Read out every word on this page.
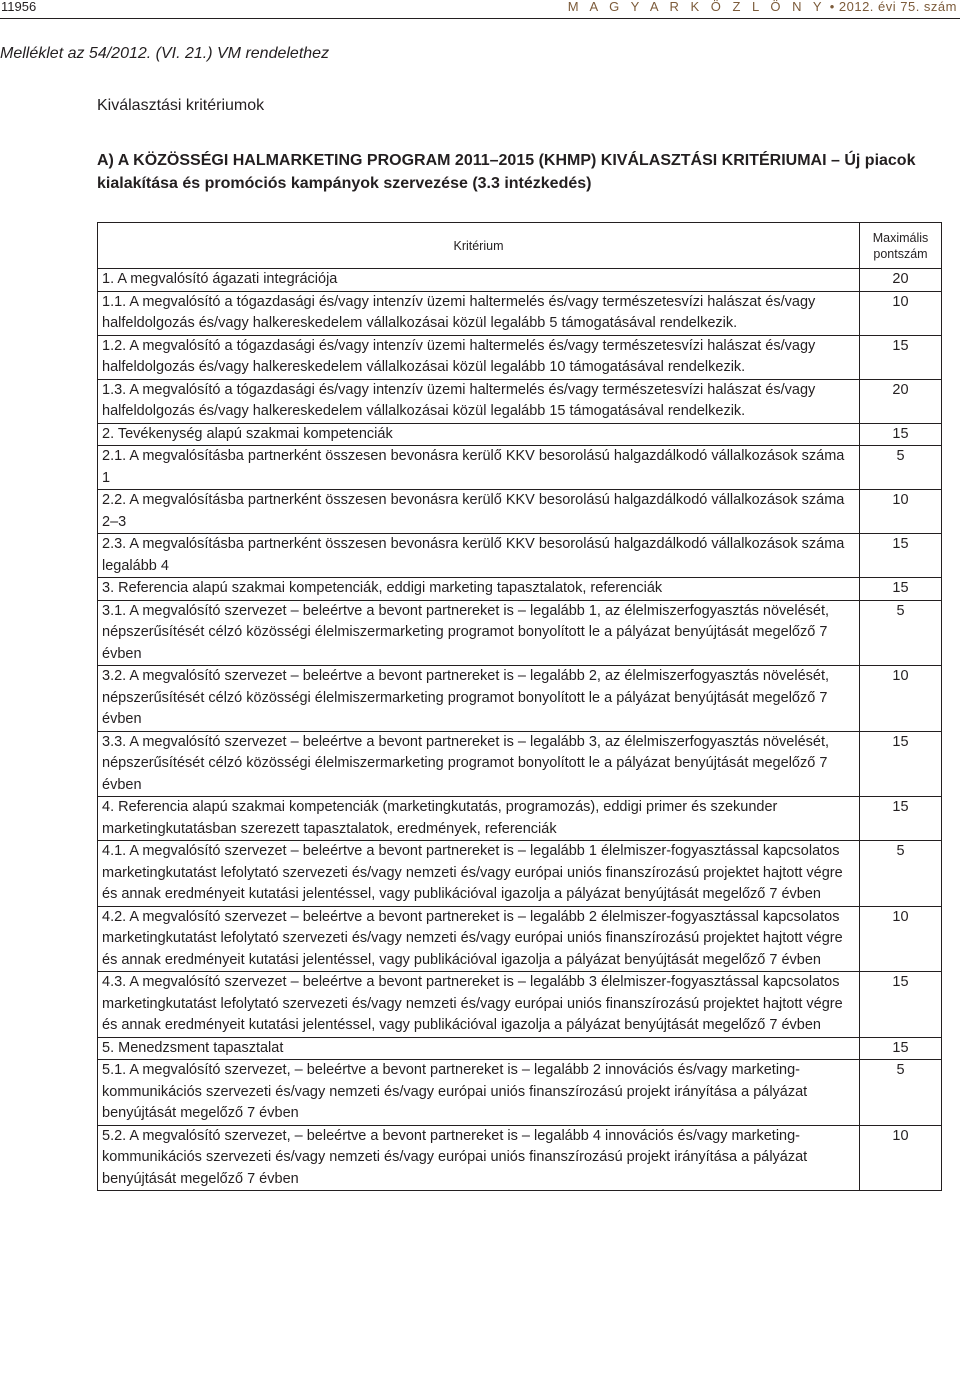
11956	M A G Y A R K Ö Z L Ö N Y • 2012. évi 75. szám
Melléklet az 54/2012. (VI. 21.) VM rendelethez
Kiválasztási kritériumok
A) A KÖZÖSSÉGI HALMARKETING PROGRAM 2011–2015 (KHMP) KIVÁLASZTÁSI KRITÉRIUMAI – Új piacok kialakítása és promóciós kampányok szervezése (3.3 intézkedés)
Kritérium	Maximális pontszám
1. A megvalósító ágazati integrációja	20
1.1. A megvalósító a tógazdasági és/vagy intenzív üzemi haltermelés és/vagy természetesvízi halászat és/vagy halfeldolgozás és/vagy halkereskedelem vállalkozásai közül legalább 5 támogatásával rendelkezik.	10
1.2. A megvalósító a tógazdasági és/vagy intenzív üzemi haltermelés és/vagy természetesvízi halászat és/vagy halfeldolgozás és/vagy halkereskedelem vállalkozásai közül legalább 10 támogatásával rendelkezik.	15
1.3. A megvalósító a tógazdasági és/vagy intenzív üzemi haltermelés és/vagy természetesvízi halászat és/vagy halfeldolgozás és/vagy halkereskedelem vállalkozásai közül legalább 15 támogatásával rendelkezik.	20
2. Tevékenység alapú szakmai kompetenciák	15
2.1. A megvalósításba partnerként összesen bevonásra kerülő KKV besorolású halgazdálkodó vállalkozások száma 1	5
2.2. A megvalósításba partnerként összesen bevonásra kerülő KKV besorolású halgazdálkodó vállalkozások száma 2–3	10
2.3. A megvalósításba partnerként összesen bevonásra kerülő KKV besorolású halgazdálkodó vállalkozások száma legalább 4	15
3. Referencia alapú szakmai kompetenciák, eddigi marketing tapasztalatok, referenciák	15
3.1. A megvalósító szervezet – beleértve a bevont partnereket is – legalább 1, az élelmiszerfogyasztás növelését, népszerűsítését célzó közösségi élelmiszermarketing programot bonyolított le a pályázat benyújtását megelőző 7 évben	5
3.2. A megvalósító szervezet – beleértve a bevont partnereket is – legalább 2, az élelmiszerfogyasztás növelését, népszerűsítését célzó közösségi élelmiszermarketing programot bonyolított le a pályázat benyújtását megelőző 7 évben	10
3.3. A megvalósító szervezet – beleértve a bevont partnereket is – legalább 3, az élelmiszerfogyasztás növelését, népszerűsítését célzó közösségi élelmiszermarketing programot bonyolított le a pályázat benyújtását megelőző 7 évben	15
4. Referencia alapú szakmai kompetenciák (marketingkutatás, programozás), eddigi primer és szekunder marketingkutatásban szerezett tapasztalatok, eredmények, referenciák	15
4.1. A megvalósító szervezet – beleértve a bevont partnereket is – legalább 1 élelmiszer-fogyasztással kapcsolatos marketingkutatást lefolytató szervezeti és/vagy nemzeti és/vagy európai uniós finanszírozású projektet hajtott végre és annak eredményeit kutatási jelentéssel, vagy publikációval igazolja a pályázat benyújtását megelőző 7 évben	5
4.2. A megvalósító szervezet – beleértve a bevont partnereket is – legalább 2 élelmiszer-fogyasztással kapcsolatos marketingkutatást lefolytató szervezeti és/vagy nemzeti és/vagy európai uniós finanszírozású projektet hajtott végre és annak eredményeit kutatási jelentéssel, vagy publikációval igazolja a pályázat benyújtását megelőző 7 évben	10
4.3. A megvalósító szervezet – beleértve a bevont partnereket is – legalább 3 élelmiszer-fogyasztással kapcsolatos marketingkutatást lefolytató szervezeti és/vagy nemzeti és/vagy európai uniós finanszírozású projektet hajtott végre és annak eredményeit kutatási jelentéssel, vagy publikációval igazolja a pályázat benyújtását megelőző 7 évben	15
5. Menedzsment tapasztalat	15
5.1. A megvalósító szervezet, – beleértve a bevont partnereket is – legalább 2 innovációs és/vagy marketing-kommunikációs szervezeti és/vagy nemzeti és/vagy európai uniós finanszírozású projekt irányítása a pályázat benyújtását megelőző 7 évben	5
5.2. A megvalósító szervezet, – beleértve a bevont partnereket is – legalább 4 innovációs és/vagy marketing-kommunikációs szervezeti és/vagy nemzeti és/vagy európai uniós finanszírozású projekt irányítása a pályázat benyújtását megelőző 7 évben	10
